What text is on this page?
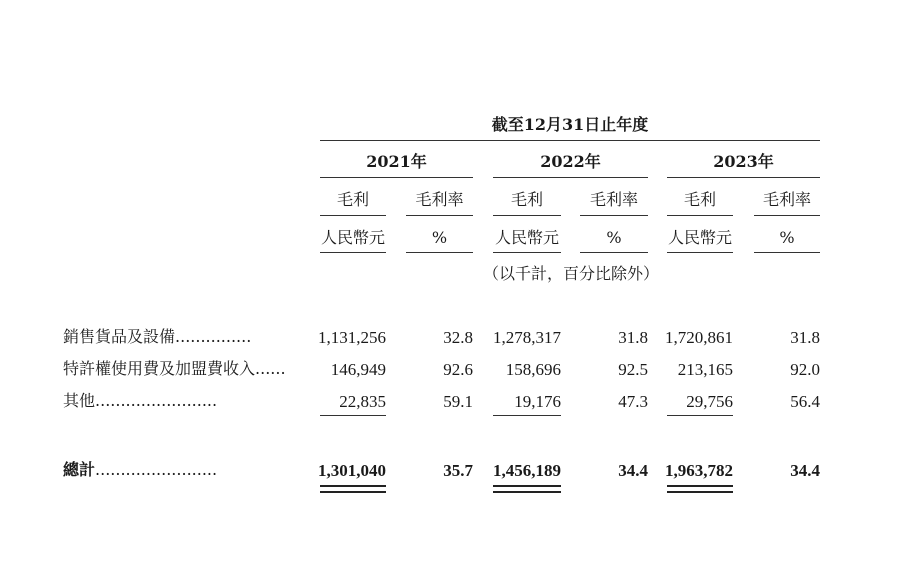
截至12月31日止年度
2021年	2022年	2023年
毛利	毛利率	毛利	毛利率	毛利	毛利率
人民幣元	%	人民幣元	%	人民幣元	%
（以千計，百分比除外）
銷售貨品及設備...............	1,131,256	32.8	1,278,317	31.8	1,720,861	31.8
特許權使用費及加盟費收入......	146,949	92.6	158,696	92.5	213,165	92.0
其他........................	22,835	59.1	19,176	47.3	29,756	56.4
總計........................	1,301,040	35.7	1,456,189	34.4	1,963,782	34.4
